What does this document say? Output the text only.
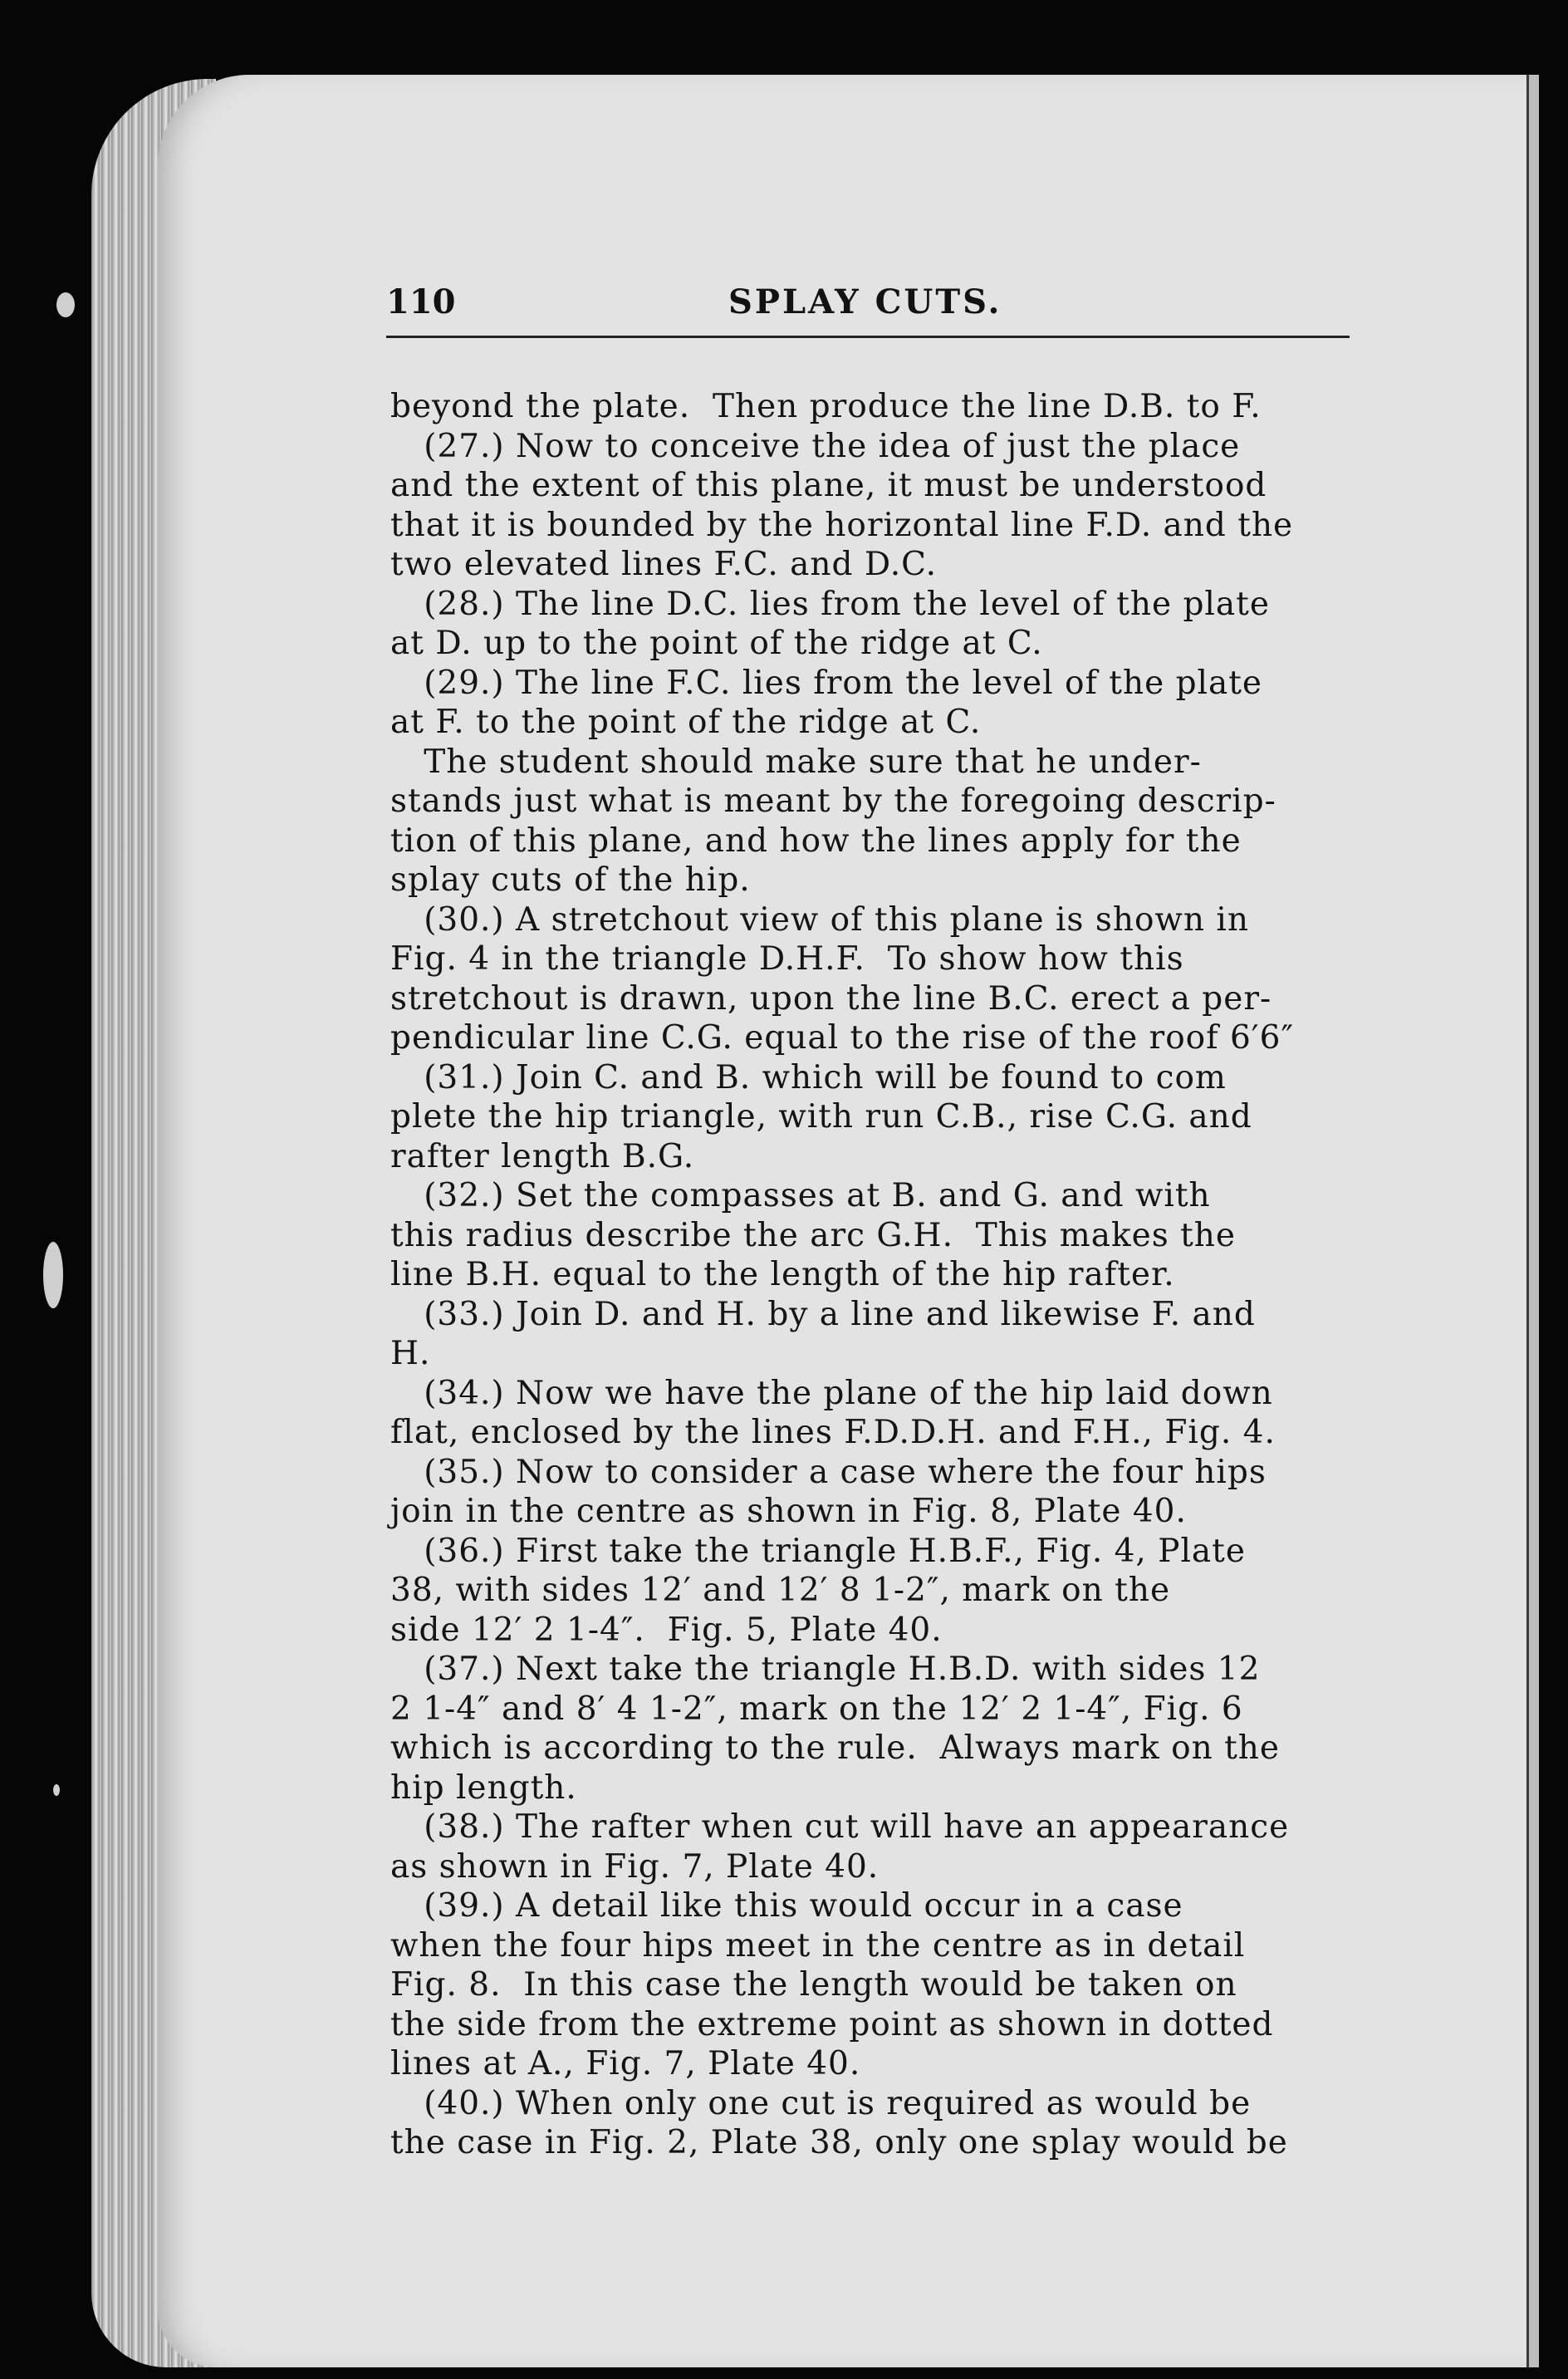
110	SPLAY CUTS.
beyond the plate.  Then produce the line D.B. to F.
(27.) Now to conceive the idea of just the place
and the extent of this plane, it must be understood
that it is bounded by the horizontal line F.D. and the
two elevated lines F.C. and D.C.
(28.) The line D.C. lies from the level of the plate
at D. up to the point of the ridge at C.
(29.) The line F.C. lies from the level of the plate
at F. to the point of the ridge at C.
The student should make sure that he under-
stands just what is meant by the foregoing descrip-
tion of this plane, and how the lines apply for the
splay cuts of the hip.
(30.) A stretchout view of this plane is shown in
Fig. 4 in the triangle D.H.F.  To show how this
stretchout is drawn, upon the line B.C. erect a per-
pendicular line C.G. equal to the rise of the roof 6′6″
(31.) Join C. and B. which will be found to com
plete the hip triangle, with run C.B., rise C.G. and
rafter length B.G.
(32.) Set the compasses at B. and G. and with
this radius describe the arc G.H.  This makes the
line B.H. equal to the length of the hip rafter.
(33.) Join D. and H. by a line and likewise F. and
H.
(34.) Now we have the plane of the hip laid down
flat, enclosed by the lines F.D.D.H. and F.H., Fig. 4.
(35.) Now to consider a case where the four hips
join in the centre as shown in Fig. 8, Plate 40.
(36.) First take the triangle H.B.F., Fig. 4, Plate
38, with sides 12′ and 12′ 8 1-2″, mark on the
side 12′ 2 1-4″.  Fig. 5, Plate 40.
(37.) Next take the triangle H.B.D. with sides 12
2 1-4″ and 8′ 4 1-2″, mark on the 12′ 2 1-4″, Fig. 6
which is according to the rule.  Always mark on the
hip length.
(38.) The rafter when cut will have an appearance
as shown in Fig. 7, Plate 40.
(39.) A detail like this would occur in a case
when the four hips meet in the centre as in detail
Fig. 8.  In this case the length would be taken on
the side from the extreme point as shown in dotted
lines at A., Fig. 7, Plate 40.
(40.) When only one cut is required as would be
the case in Fig. 2, Plate 38, only one splay would be
